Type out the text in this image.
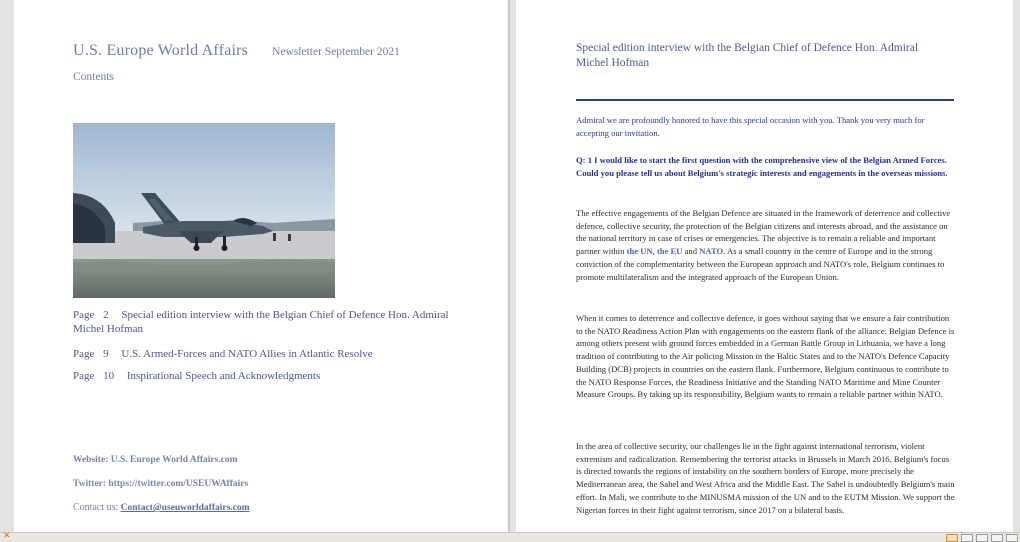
U.S. Europe World Affairs Newsletter September 2021
Contents
Page 2 Special edition interview with the Belgian Chief of Defence Hon. Admiral Michel Hofman
Page 9 U.S. Armed-Forces and NATO Allies in Atlantic Resolve
Page 10 Inspirational Speech and Acknowledgments
Website: U.S. Europe World Affairs.com
Twitter: https://twitter.com/USEUWAffairs
Contact us: Contact@useuworldaffairs.com
Special edition interview with the Belgian Chief of Defence Hon. Admiral Michel Hofman
Admiral we are profoundly honored to have this special occasion with you. Thank you very much for accepting our invitation.
Q: 1 I would like to start the first question with the comprehensive view of the Belgian Armed Forces. Could you please tell us about Belgium's strategic interests and engagements in the overseas missions.
The effective engagements of the Belgian Defence are situated in the framework of deterrence and collective defence, collective security, the protection of the Belgian citizens and interests abroad, and the assistance on the national territory in case of crises or emergencies. The objective is to remain a reliable and important partner within the UN, the EU and NATO. As a small country in the centre of Europe and in the strong conviction of the complementarity between the European approach and NATO's role, Belgium continues to promote multilateralism and the integrated approach of the European Union.
When it comes to deterrence and collective defence, it goes without saying that we ensure a fair contribution to the NATO Readiness Action Plan with engagements on the eastern flank of the alliance. Belgian Defence is among others present with ground forces embedded in a German Battle Group in Lithuania, we have a long tradition of contributing to the Air policing Mission in the Baltic States and to the NATO's Defence Capacity Building (DCB) projects in countries on the eastern flank. Furthermore, Belgium continuous to contribute to the NATO Response Forces, the Readiness Initiative and the Standing NATO Maritime and Mine Counter Measure Groups. By taking up its responsibility, Belgium wants to remain a reliable partner within NATO.
In the area of collective security, our challenges lie in the fight against international terrorism, violent extremism and radicalization. Remembering the terrorist attacks in Brussels in March 2016, Belgium's focus is directed towards the regions of instability on the southern borders of Europe, more precisely the Mediterranean area, the Sahel and West Africa and the Middle East. The Sahel is undoubtedly Belgium's main effort. In Mali, we contribute to the MINUSMA mission of the UN and to the EUTM Mission. We support the Nigerian forces in their fight against terrorism, since 2017 on a bilateral basis.
✕
